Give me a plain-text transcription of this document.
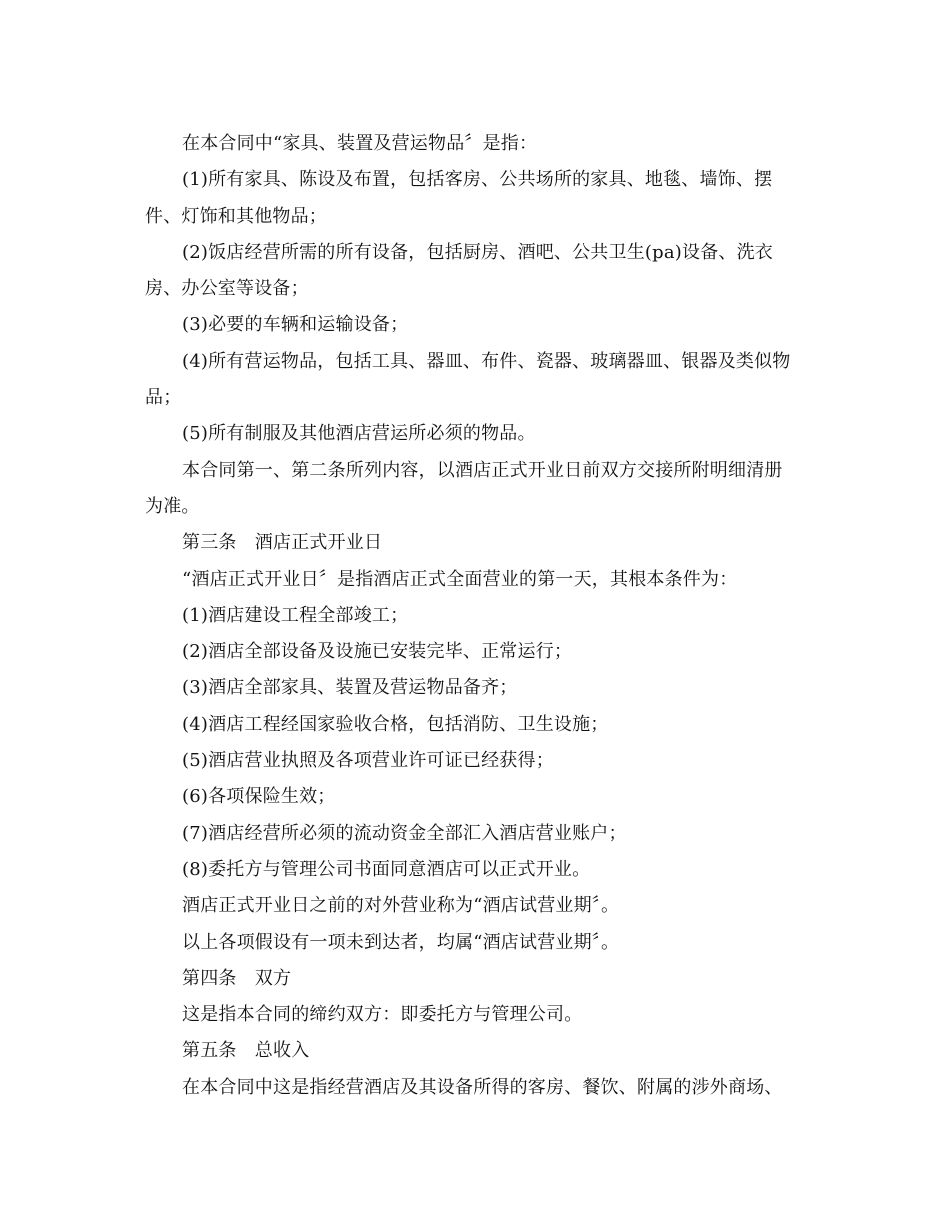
在本合同中“家具、装置及营运物品〞是指：
(1)所有家具、陈设及布置，包括客房、公共场所的家具、地毯、墙饰、摆
件、灯饰和其他物品；
(2)饭店经营所需的所有设备，包括厨房、酒吧、公共卫生(pa)设备、洗衣
房、办公室等设备；
(3)必要的车辆和运输设备；
(4)所有营运物品，包括工具、器皿、布件、瓷器、玻璃器皿、银器及类似物
品；
(5)所有制服及其他酒店营运所必须的物品。
本合同第一、第二条所列内容，以酒店正式开业日前双方交接所附明细清册
为准。
第三条　酒店正式开业日
“酒店正式开业日〞是指酒店正式全面营业的第一天，其根本条件为：
(1)酒店建设工程全部竣工；
(2)酒店全部设备及设施已安装完毕、正常运行；
(3)酒店全部家具、装置及营运物品备齐；
(4)酒店工程经国家验收合格，包括消防、卫生设施；
(5)酒店营业执照及各项营业许可证已经获得；
(6)各项保险生效；
(7)酒店经营所必须的流动资金全部汇入酒店营业账户；
(8)委托方与管理公司书面同意酒店可以正式开业。
酒店正式开业日之前的对外营业称为“酒店试营业期〞。
以上各项假设有一项未到达者，均属“酒店试营业期〞。
第四条　双方
这是指本合同的缔约双方：即委托方与管理公司。
第五条　总收入
在本合同中这是指经营酒店及其设备所得的客房、餐饮、附属的涉外商场、
